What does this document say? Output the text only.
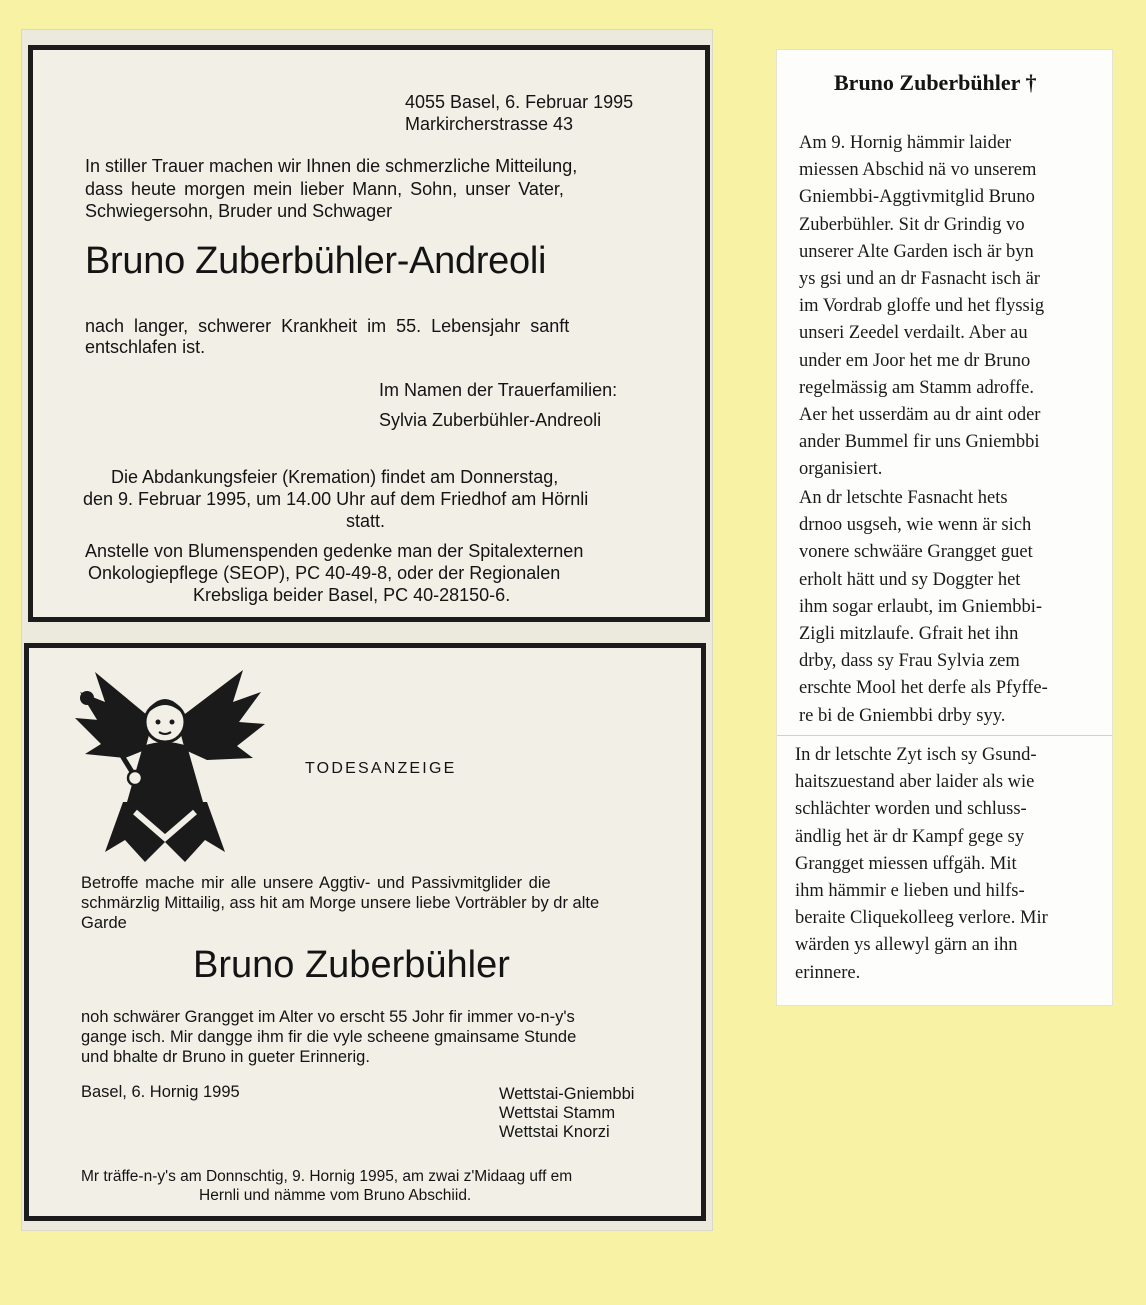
4055 Basel, 6. Februar 1995
Markircherstrasse 43
In stiller Trauer machen wir Ihnen die schmerzliche Mitteilung,
dass heute morgen mein lieber Mann, Sohn, unser Vater,
Schwiegersohn, Bruder und Schwager
Bruno Zuberbühler-Andreoli
nach langer, schwerer Krankheit im 55. Lebensjahr sanft
entschlafen ist.
Im Namen der Trauerfamilien:
Sylvia Zuberbühler-Andreoli
Die Abdankungsfeier (Kremation) findet am Donnerstag,
den 9. Februar 1995, um 14.00 Uhr auf dem Friedhof am Hörnli
statt.
Anstelle von Blumenspenden gedenke man der Spitalexternen
Onkologiepflege (SEOP), PC 40-49-8, oder der Regionalen
Krebsliga beider Basel, PC 40-28150-6.
TODESANZEIGE
Betroffe mache mir alle unsere Aggtiv- und Passivmitglider die
schmärzlig Mittailig, ass hit am Morge unsere liebe Vorträbler by dr alte
Garde
Bruno Zuberbühler
noh schwärer Grangget im Alter vo erscht 55 Johr fir immer vo-n-y's
gange isch. Mir dangge ihm fir die vyle scheene gmainsame Stunde
und bhalte dr Bruno in gueter Erinnerig.
Basel, 6. Hornig 1995	Wettstai-Gniembbi
Wettstai Stamm
Wettstai Knorzi
Mr träffe-n-y's am Donnschtig, 9. Hornig 1995, am zwai z'Midaag uff em
Hernli und nämme vom Bruno Abschiid.
Bruno Zuberbühler †
Am 9. Hornig hämmir laider
miessen Abschid nä vo unserem
Gniembbi-Aggtivmitglid Bruno
Zuberbühler. Sit dr Grindig vo
unserer Alte Garden isch är byn
ys gsi und an dr Fasnacht isch är
im Vordrab gloffe und het flyssig
unseri Zeedel verdailt. Aber au
under em Joor het me dr Bruno
regelmässig am Stamm adroffe.
Aer het usserdäm au dr aint oder
ander Bummel fir uns Gniembbi
organisiert.
An dr letschte Fasnacht hets
drnoo usgseh, wie wenn är sich
vonere schwääre Grangget guet
erholt hätt und sy Doggter het
ihm sogar erlaubt, im Gniembbi-
Zigli mitzlaufe. Gfrait het ihn
drby, dass sy Frau Sylvia zem
erschte Mool het derfe als Pfyffe-
re bi de Gniembbi drby syy.
In dr letschte Zyt isch sy Gsund-
haitszuestand aber laider als wie
schlächter worden und schluss-
ändlig het är dr Kampf gege sy
Grangget miessen uffgäh. Mit
ihm hämmir e lieben und hilfs-
beraite Cliquekolleeg verlore. Mir
wärden ys allewyl gärn an ihn
erinnere.
